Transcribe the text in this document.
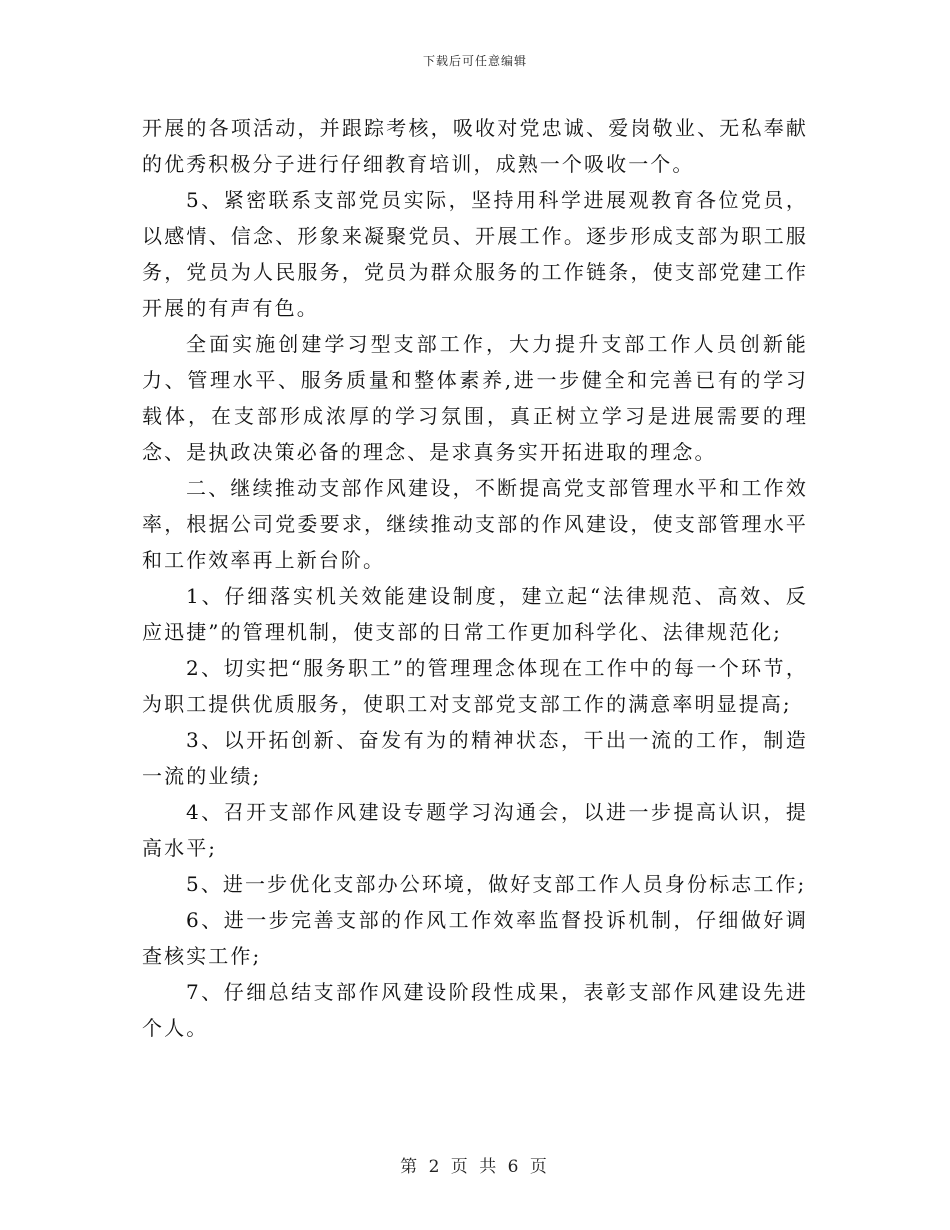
下载后可任意编辑

开展的各项活动，并跟踪考核，吸收对党忠诚、爱岗敬业、无私奉献的优秀积极分子进行仔细教育培训，成熟一个吸收一个。

5、紧密联系支部党员实际，坚持用科学进展观教育各位党员，以感情、信念、形象来凝聚党员、开展工作。逐步形成支部为职工服务，党员为人民服务，党员为群众服务的工作链条，使支部党建工作开展的有声有色。

全面实施创建学习型支部工作，大力提升支部工作人员创新能力、管理水平、服务质量和整体素养,进一步健全和完善已有的学习载体，在支部形成浓厚的学习氛围，真正树立学习是进展需要的理念、是执政决策必备的理念、是求真务实开拓进取的理念。

二、继续推动支部作风建设，不断提高党支部管理水平和工作效率，根据公司党委要求，继续推动支部的作风建设，使支部管理水平和工作效率再上新台阶。

1、仔细落实机关效能建设制度，建立起“法律规范、高效、反应迅捷”的管理机制，使支部的日常工作更加科学化、法律规范化;

2、切实把“服务职工”的管理理念体现在工作中的每一个环节，为职工提供优质服务，使职工对支部党支部工作的满意率明显提高;

3、以开拓创新、奋发有为的精神状态，干出一流的工作，制造一流的业绩;

4、召开支部作风建设专题学习沟通会，以进一步提高认识，提高水平;

5、进一步优化支部办公环境，做好支部工作人员身份标志工作;

6、进一步完善支部的作风工作效率监督投诉机制，仔细做好调查核实工作;

7、仔细总结支部作风建设阶段性成果，表彰支部作风建设先进个人。

第 2 页 共 6 页
